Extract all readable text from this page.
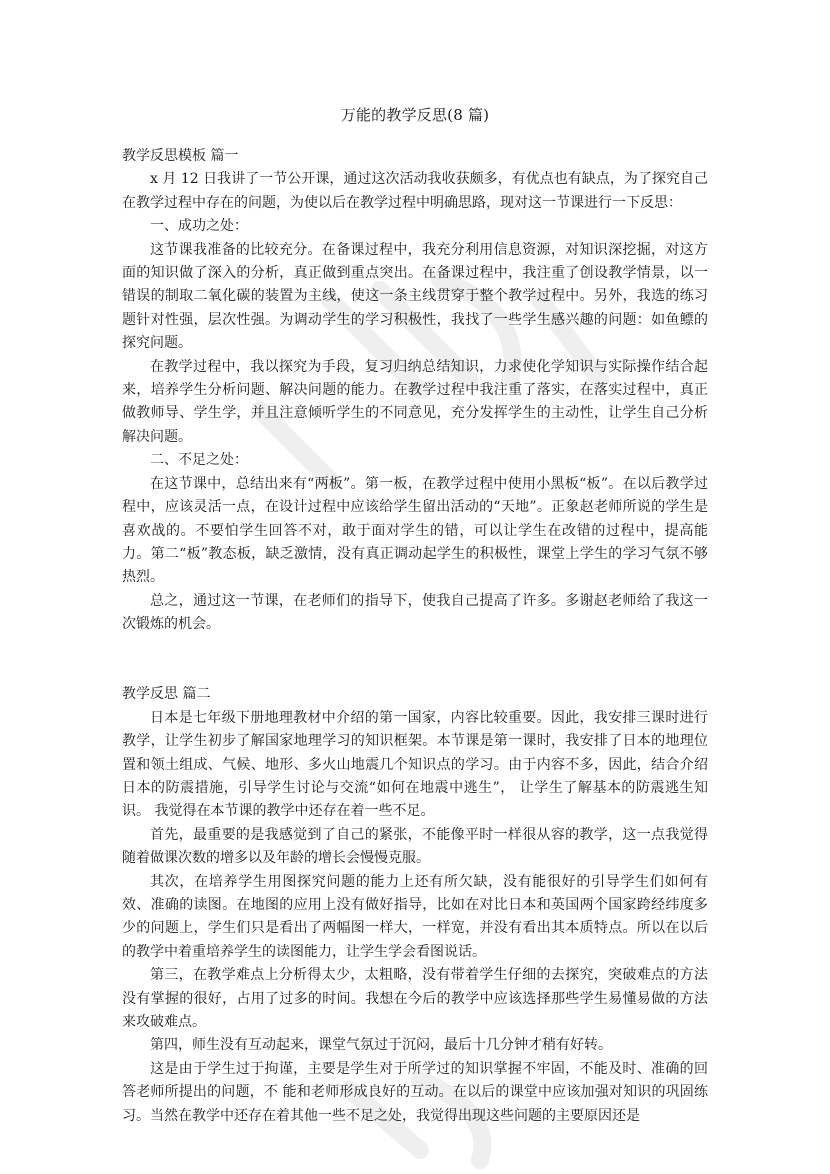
万能的教学反思(8 篇)

教学反思模板 篇一

x 月 12 日我讲了一节公开课，通过这次活动我收获颇多，有优点也有缺点，为了探究自己在教学过程中存在的问题，为使以后在教学过程中明确思路，现对这一节课进行一下反思：

一、成功之处：

这节课我准备的比较充分。在备课过程中，我充分利用信息资源，对知识深挖掘，对这方面的知识做了深入的分析，真正做到重点突出。在备课过程中，我注重了创设教学情景，以一错误的制取二氧化碳的装置为主线，使这一条主线贯穿于整个教学过程中。另外，我选的练习题针对性强，层次性强。为调动学生的学习积极性，我找了一些学生感兴趣的问题：如鱼鳔的探究问题。

在教学过程中，我以探究为手段，复习归纳总结知识，力求使化学知识与实际操作结合起来，培养学生分析问题、解决问题的能力。在教学过程中我注重了落实，在落实过程中，真正做教师导、学生学，并且注意倾听学生的不同意见，充分发挥学生的主动性，让学生自己分析解决问题。

二、不足之处：

在这节课中，总结出来有“两板”。第一板，在教学过程中使用小黑板“板”。在以后教学过程中，应该灵活一点，在设计过程中应该给学生留出活动的“天地”。正象赵老师所说的学生是喜欢战的。不要怕学生回答不对，敢于面对学生的错，可以让学生在改错的过程中，提高能力。第二“板”教态板，缺乏激情，没有真正调动起学生的积极性，课堂上学生的学习气氛不够热烈。

总之，通过这一节课，在老师们的指导下，使我自己提高了许多。多谢赵老师给了我这一次锻炼的机会。

教学反思 篇二

日本是七年级下册地理教材中介绍的第一国家，内容比较重要。因此，我安排三课时进行教学，让学生初步了解国家地理学习的知识框架。本节课是第一课时，我安排了日本的地理位置和领土组成、气候、地形、多火山地震几个知识点的学习。由于内容不多，因此，结合介绍日本的防震措施，引导学生讨论与交流“如何在地震中逃生”， 让学生了解基本的防震逃生知识。 我觉得在本节课的教学中还存在着一些不足。

首先，最重要的是我感觉到了自己的紧张，不能像平时一样很从容的教学，这一点我觉得随着做课次数的增多以及年龄的增长会慢慢克服。

其次，在培养学生用图探究问题的能力上还有所欠缺，没有能很好的引导学生们如何有效、准确的读图。在地图的应用上没有做好指导，比如在对比日本和英国两个国家跨经纬度多少的问题上，学生们只是看出了两幅图一样大，一样宽，并没有看出其本质特点。所以在以后的教学中着重培养学生的读图能力，让学生学会看图说话。

第三，在教学难点上分析得太少，太粗略，没有带着学生仔细的去探究，突破难点的方法没有掌握的很好，占用了过多的时间。我想在今后的教学中应该选择那些学生易懂易做的方法来攻破难点。

第四，师生没有互动起来，课堂气氛过于沉闷，最后十几分钟才稍有好转。

这是由于学生过于拘谨，主要是学生对于所学过的知识掌握不牢固，不能及时、准确的回答老师所提出的问题，不 能和老师形成良好的互动。在以后的课堂中应该加强对知识的巩固练习。当然在教学中还存在着其他一些不足之处，我觉得出现这些问题的主要原因还是
